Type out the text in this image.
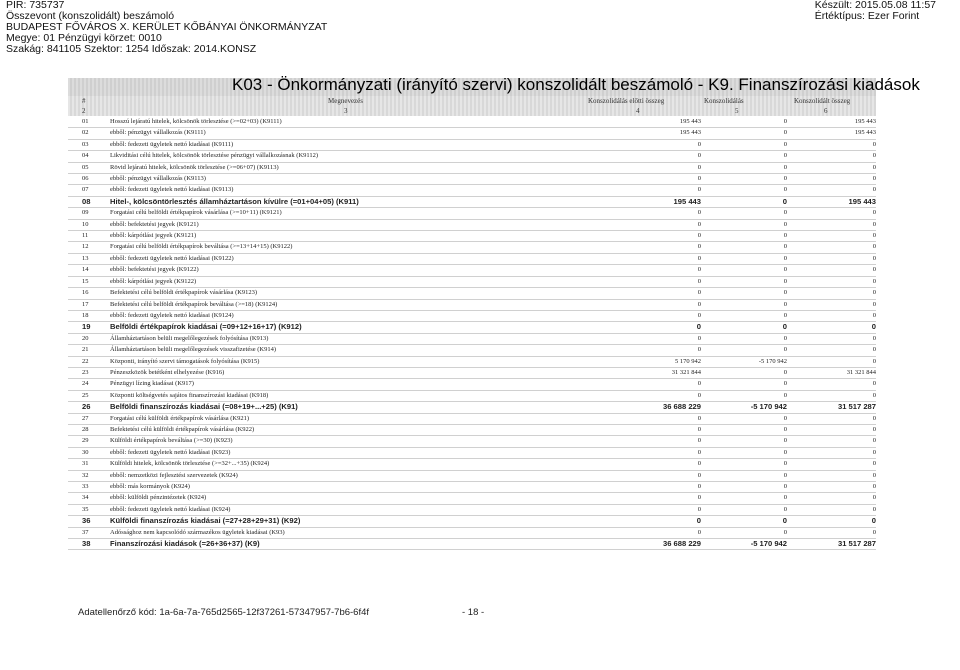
PIR: 735737
Összevont (konszolidált) beszámoló
BUDAPEST FŐVÁROS X. KERÜLET KŐBÁNYAI ÖNKORMÁNYZAT
Megye: 01 Pénzügyi körzet: 0010
Szakág: 841105 Szektor: 1254 Időszak: 2014.KONSZ
Készült: 2015.05.08 11:57
Értéktípus: Ezer Forint
K03 - Önkormányzati (irányító szervi) konszolidált beszámoló - K9. Finanszírozási kiadások
#	Megnevezés	Konszolidálás előtti összeg	Konszolidálás	Konszolidált összeg
2	3	4	5	6
01	Hosszú lejáratú hitelek, kölcsönök törlesztése (>=02+03) (K9111)	195 443	0	195 443
02	ebből: pénzügyi vállalkozás (K9111)	195 443	0	195 443
03	ebből: fedezeti ügyletek nettó kiadásai (K9111)	0	0	0
04	Likviditási célú hitelek, kölcsönök törlesztése pénzügyi vállalkozásnak (K9112)	0	0	0
05	Rövid lejáratú hitelek, kölcsönök törlesztése (>=06+07) (K9113)	0	0	0
06	ebből: pénzügyi vállalkozás (K9113)	0	0	0
07	ebből: fedezeti ügyletek nettó kiadásai (K9113)	0	0	0
08	Hitel-, kölcsöntörlesztés államháztartáson kívülre (=01+04+05) (K911)	195 443	0	195 443
09	Forgatási célú belföldi értékpapírok vásárlása (>=10+11) (K9121)	0	0	0
10	ebből: befektetési jegyek (K9121)	0	0	0
11	ebből: kárpótlási jegyek (K9121)	0	0	0
12	Forgatási célú belföldi értékpapírok beváltása (>=13+14+15) (K9122)	0	0	0
13	ebből: fedezeti ügyletek nettó kiadásai (K9122)	0	0	0
14	ebből: befektetési jegyek (K9122)	0	0	0
15	ebből: kárpótlási jegyek (K9122)	0	0	0
16	Befektetési célú belföldi értékpapírok vásárlása (K9123)	0	0	0
17	Befektetési célú belföldi értékpapírok beváltása (>=18) (K9124)	0	0	0
18	ebből: fedezeti ügyletek nettó kiadásai (K9124)	0	0	0
19	Belföldi értékpapírok kiadásai (=09+12+16+17) (K912)	0	0	0
20	Államháztartáson belüli megelőlegezések folyósítása (K913)	0	0	0
21	Államháztartáson belüli megelőlegezések visszafizetése (K914)	0	0	0
22	Központi, irányító szervi támogatások folyósítása (K915)	5 170 942	-5 170 942	0
23	Pénzeszközök betétként elhelyezése (K916)	31 321 844	0	31 321 844
24	Pénzügyi lízing kiadásai (K917)	0	0	0
25	Központi költségvetés sajátos finanszírozási kiadásai (K918)	0	0	0
26	Belföldi finanszírozás kiadásai (=08+19+...+25) (K91)	36 688 229	-5 170 942	31 517 287
27	Forgatási célú külföldi értékpapírok vásárlása (K921)	0	0	0
28	Befektetési célú külföldi értékpapírok vásárlása (K922)	0	0	0
29	Külföldi értékpapírok beváltása (>=30) (K923)	0	0	0
30	ebből: fedezeti ügyletek nettó kiadásai (K923)	0	0	0
31	Külföldi hitelek, kölcsönök törlesztése (>=32+...+35) (K924)	0	0	0
32	ebből: nemzetközi fejlesztési szervezetek (K924)	0	0	0
33	ebből: más kormányok (K924)	0	0	0
34	ebből: külföldi pénzintézetek (K924)	0	0	0
35	ebből: fedezeti ügyletek nettó kiadásai (K924)	0	0	0
36	Külföldi finanszírozás kiadásai (=27+28+29+31) (K92)	0	0	0
37	Adóssághoz nem kapcsolódó származékos ügyletek kiadásai (K93)	0	0	0
38	Finanszírozási kiadások (=26+36+37) (K9)	36 688 229	-5 170 942	31 517 287
Adatellenőrző kód: 1a-6a-7a-765d2565-12f37261-57347957-7b6-6f4f	- 18 -
